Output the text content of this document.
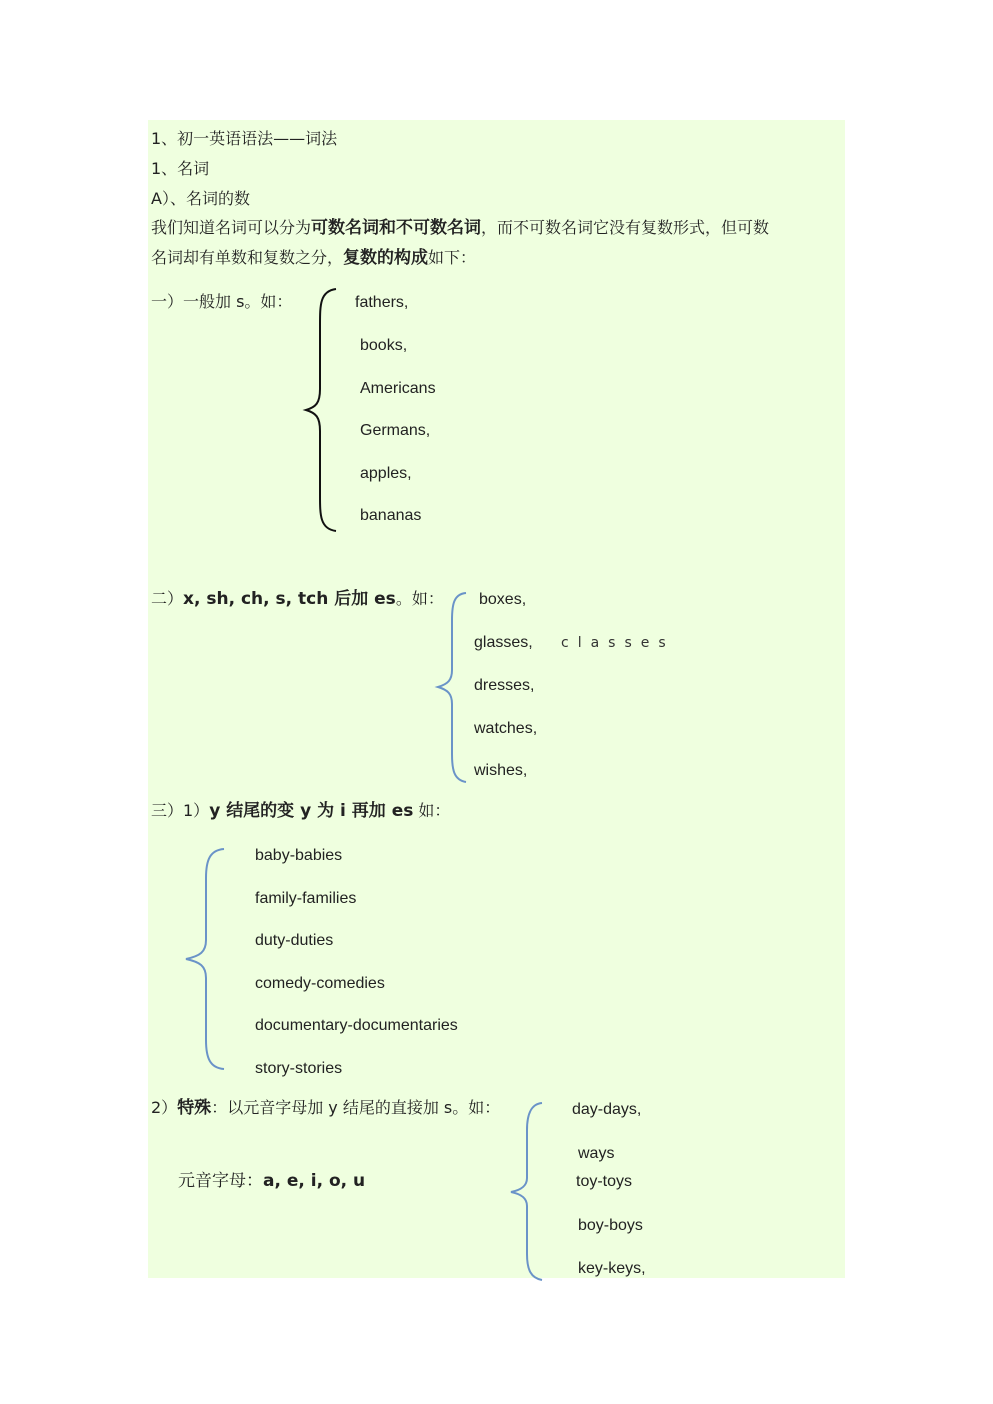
1、初一英语语法——词法
1、名词
A）、名词的数
我们知道名词可以分为可数名词和不可数名词，而不可数名词它没有复数形式，但可数
名词却有单数和复数之分，复数的构成如下：
一）一般加 s。如：	fathers,
books,
Americans
Germans,
apples,
bananas
二）x, sh, ch, s, tch 后加 es。如： boxes,
glasses, classes
dresses,
watches,
wishes,
三）1）y 结尾的变 y 为 i 再加 es 如：
baby-babies
family-families
duty-duties
comedy-comedies
documentary-documentaries
story-stories
2）特殊：以元音字母加 y 结尾的直接加 s。如：
元音字母：a, e, i, o, u
day-days,
ways
toy-toys
boy-boys
key-keys,
